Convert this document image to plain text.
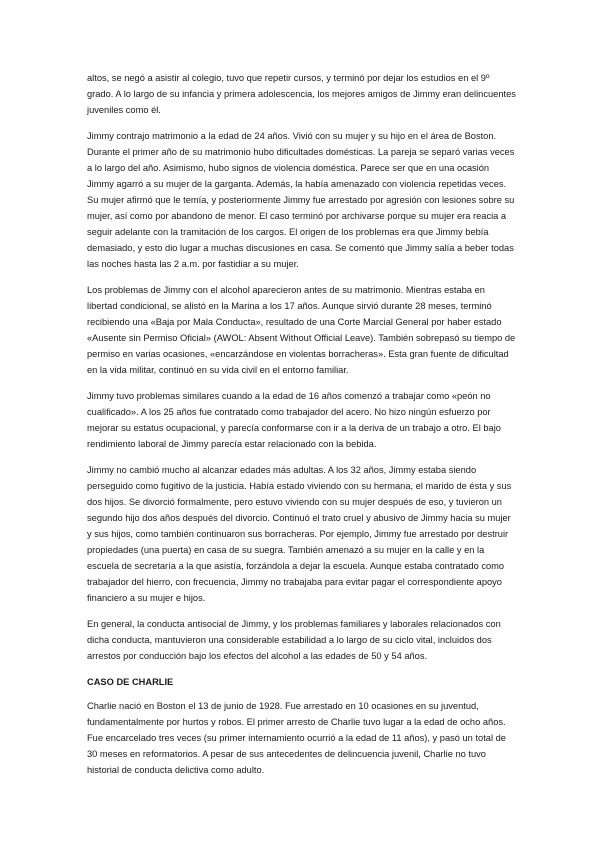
altos, se negó a asistir al colegio, tuvo que repetir cursos, y terminó por dejar los estudios en el 9º grado. A lo largo de su infancia y primera adolescencia, los mejores amigos de Jimmy eran delincuentes juveniles como él.

Jimmy contrajo matrimonio a la edad de 24 años. Vivió con su mujer y su hijo en el área de Boston. Durante el primer año de su matrimonio hubo dificultades domésticas. La pareja se separó varias veces a lo largo del año. Asimismo, hubo signos de violencia doméstica. Parece ser que en una ocasión Jimmy agarró a su mujer de la garganta. Además, la había amenazado con violencia repetidas veces. Su mujer afirmó que le temía, y posteriormente Jimmy fue arrestado por agresión con lesiones sobre su mujer, así como por abandono de menor. El caso terminó por archivarse porque su mujer era reacia a seguir adelante con la tramitación de los cargos. El origen de los problemas era que Jimmy bebía demasiado, y esto dio lugar a muchas discusiones en casa. Se comentó que Jimmy salía a beber todas las noches hasta las 2 a.m. por fastidiar a su mujer.

Los problemas de Jimmy con el alcohol aparecieron antes de su matrimonio. Mientras estaba en libertad condicional, se alistó en la Marina a los 17 años. Aunque sirvió durante 28 meses, terminó recibiendo una «Baja por Mala Conducta», resultado de una Corte Marcial General por haber estado «Ausente sin Permiso Oficial» (AWOL: Absent Without Official Leave). También sobrepasó su tiempo de permiso en varias ocasiones, «encarzándose en violentas borracheras». Esta gran fuente de dificultad en la vida militar, continuó en su vida civil en el entorno familiar.

Jimmy tuvo problemas similares cuando a la edad de 16 años comenzó a trabajar como «peón no cualificado». A los 25 años fue contratado como trabajador del acero. No hizo ningún esfuerzo por mejorar su estatus ocupacional, y parecía conformarse con ir a la deriva de un trabajo a otro. El bajo rendimiento laboral de Jimmy parecía estar relacionado con la bebida.

Jimmy no cambió mucho al alcanzar edades más adultas. A los 32 años, Jimmy estaba siendo perseguido como fugitivo de la justicia. Había estado viviendo con su hermana, el marido de ésta y sus dos hijos. Se divorció formalmente, pero estuvo viviendo con su mujer después de eso, y tuvieron un segundo hijo dos años después del divorcio. Continuó el trato cruel y abusivo de Jimmy hacia su mujer y sus hijos, como también continuaron sus borracheras. Por ejemplo, Jimmy fue arrestado por destruir propiedades (una puerta) en casa de su suegra. También amenazó a su mujer en la calle y en la escuela de secretaría a la que asistía, forzándola a dejar la escuela. Aunque estaba contratado como trabajador del hierro, con frecuencia, Jimmy no trabajaba para evitar pagar el correspondiente apoyo financiero a su mujer e hijos.

En general, la conducta antisocial de Jimmy, y los problemas familiares y laborales relacionados con dicha conducta, mantuvieron una considerable estabilidad a lo largo de su ciclo vital, incluidos dos arrestos por conducción bajo los efectos del alcohol a las edades de 50 y 54 años.

CASO DE CHARLIE

Charlie nació en Boston el 13 de junio de 1928. Fue arrestado en 10 ocasiones en su juventud, fundamentalmente por hurtos y robos. El primer arresto de Charlie tuvo lugar a la edad de ocho años. Fue encarcelado tres veces (su primer internamiento ocurrió a la edad de 11 años), y pasó un total de 30 meses en reformatorios. A pesar de sus antecedentes de delincuencia juvenil, Charlie no tuvo historial de conducta delictiva como adulto.
